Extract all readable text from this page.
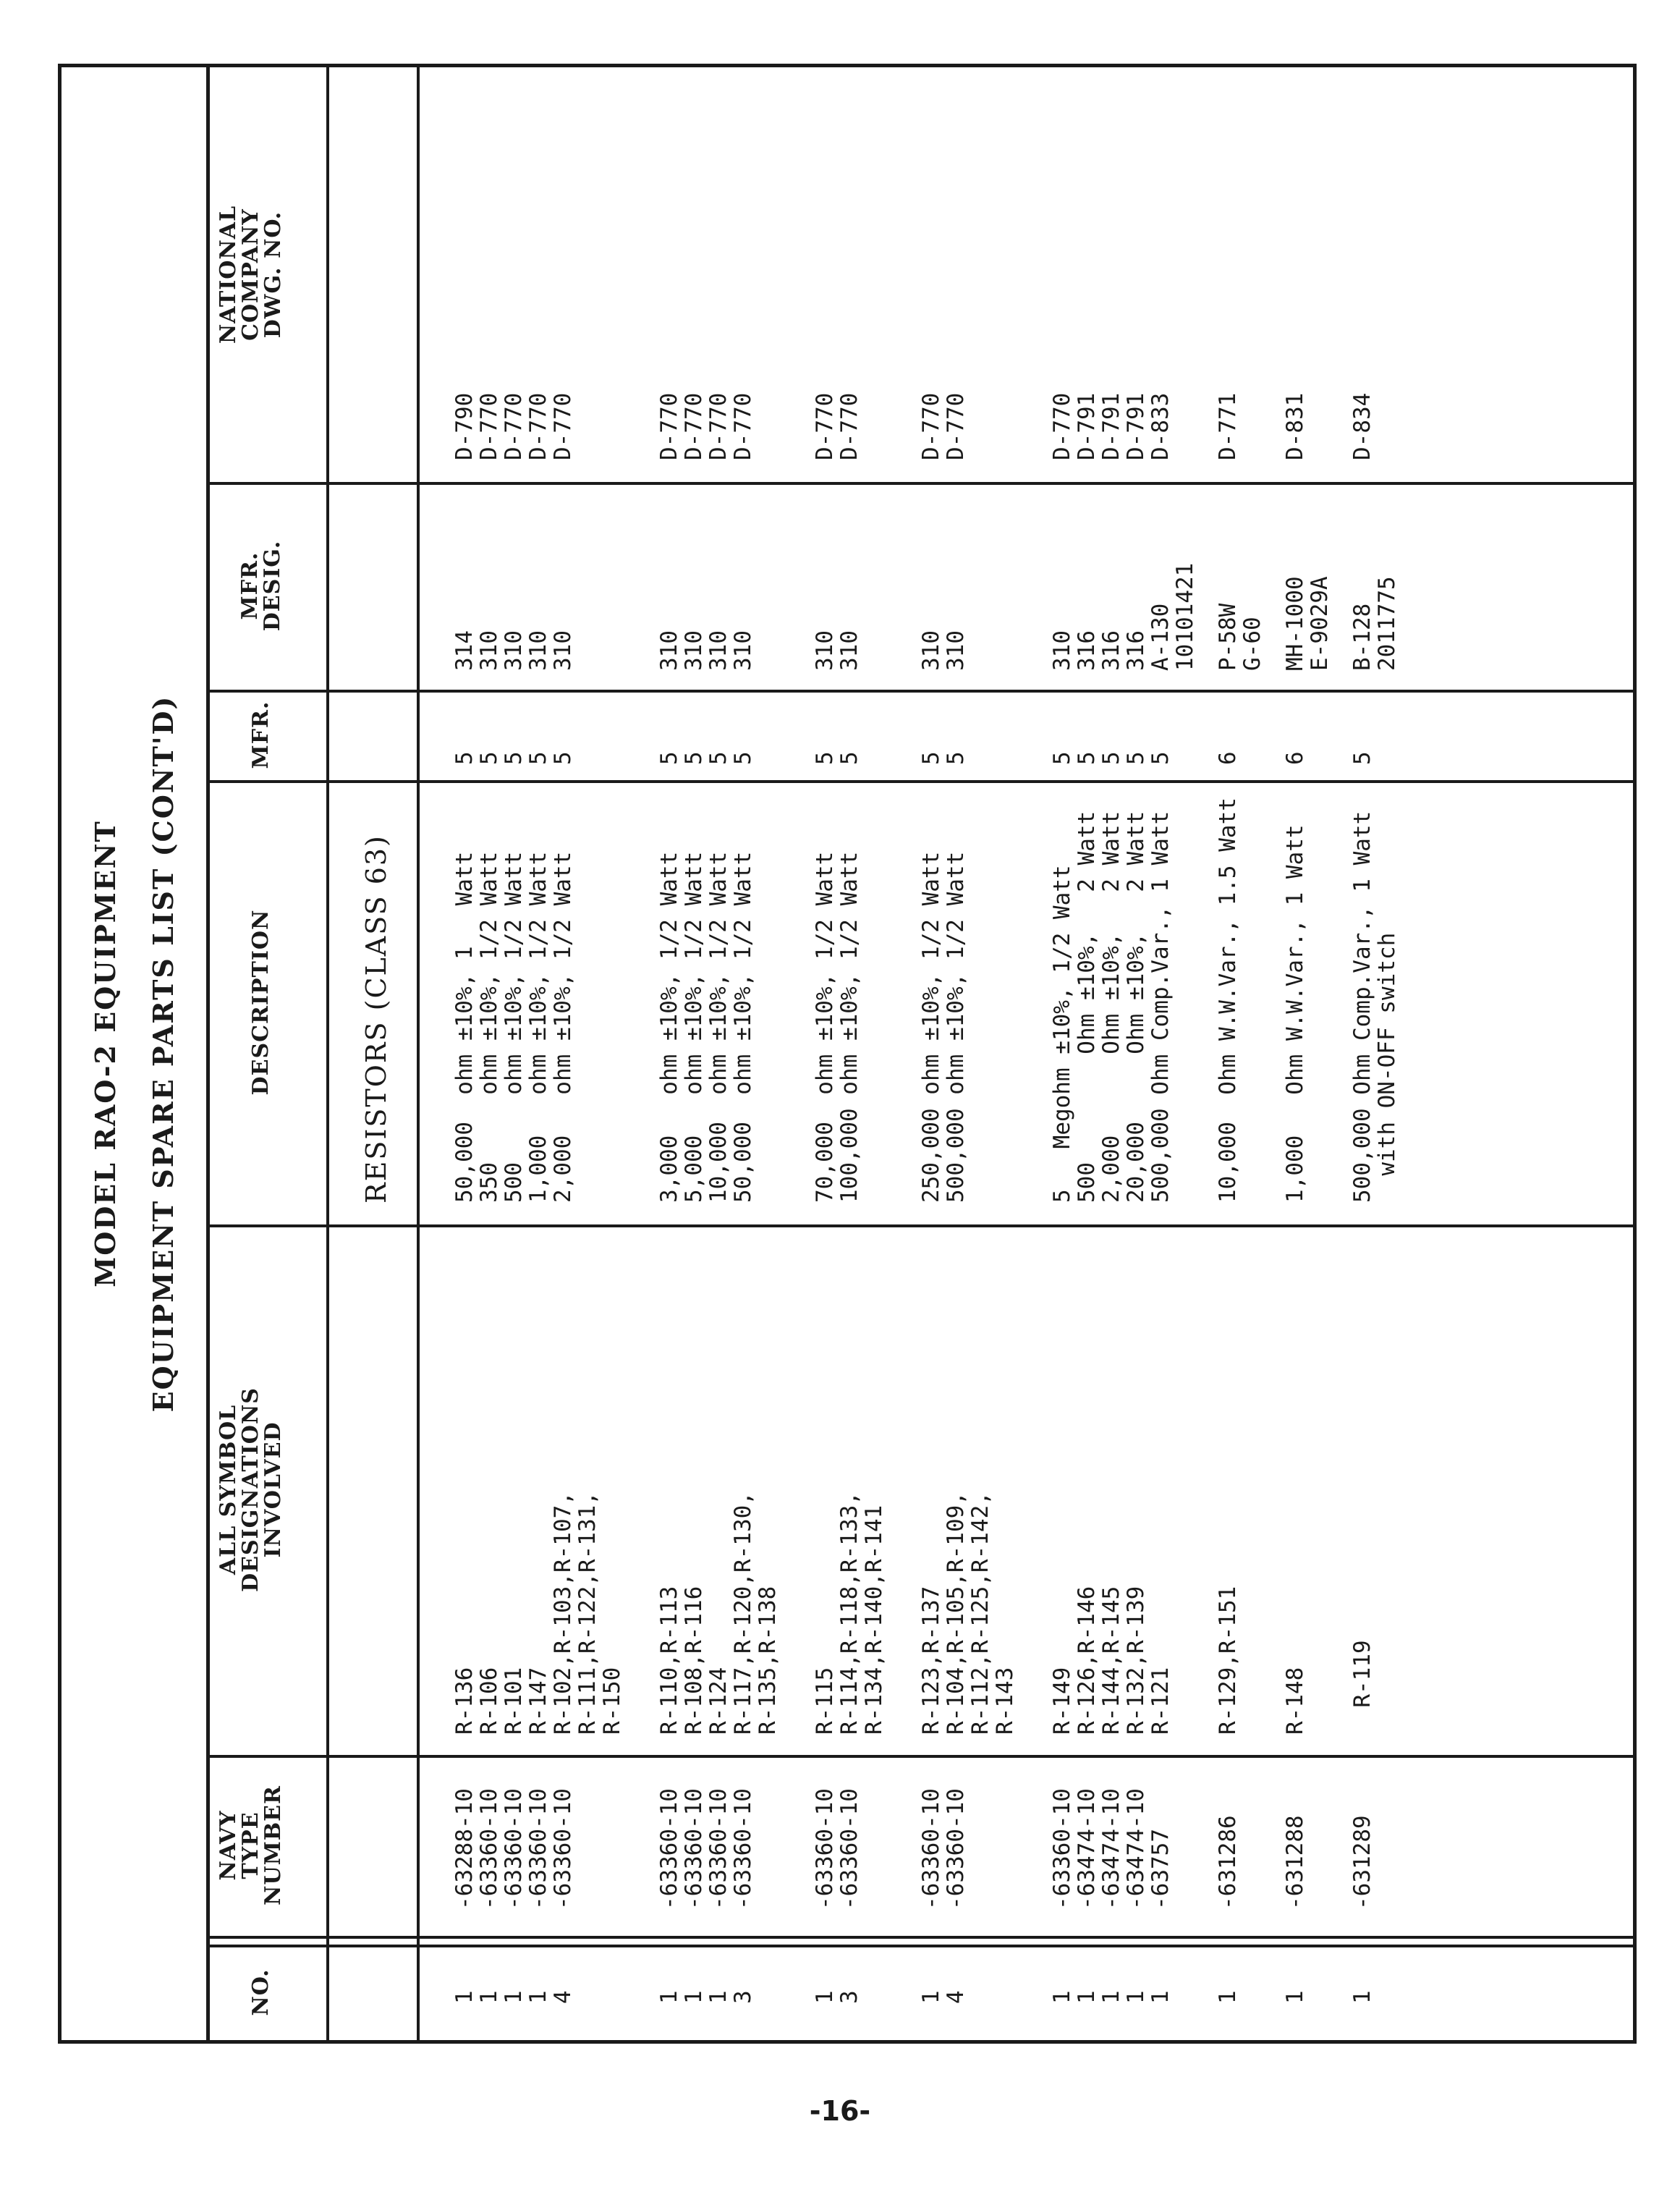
MODEL RAO-2 EQUIPMENT EQUIPMENT SPARE PARTS LIST (CONT'D)
NO.
NAVY
TYPE
NUMBER
ALL SYMBOL
DESIGNATIONS
INVOLVED
DESCRIPTION
MFR.
MFR.
DESIG.
NATIONAL
COMPANY
DWG. NO.
RESISTORS (CLASS 63)
1
-63288-10
R-136
50,000  ohm ±10%, 1   Watt
5
314
D-790
1
-63360-10
R-106
350     ohm ±10%, 1/2 Watt
5
310
D-770
1
-63360-10
R-101
500     ohm ±10%, 1/2 Watt
5
310
D-770
1
-63360-10
R-147
1,000   ohm ±10%, 1/2 Watt
5
310
D-770
4
-63360-10
R-102,R-103,R-107,
2,000   ohm ±10%, 1/2 Watt
5
310
D-770
R-111,R-122,R-131,
R-150
1
-63360-10
R-110,R-113
3,000   ohm ±10%, 1/2 Watt
5
310
D-770
1
-63360-10
R-108,R-116
5,000   ohm ±10%, 1/2 Watt
5
310
D-770
1
-63360-10
R-124
10,000  ohm ±10%, 1/2 Watt
5
310
D-770
3
-63360-10
R-117,R-120,R-130,
50,000  ohm ±10%, 1/2 Watt
5
310
D-770
R-135,R-138
1
-63360-10
R-115
70,000  ohm ±10%, 1/2 Watt
5
310
D-770
3
-63360-10
R-114,R-118,R-133,
100,000 ohm ±10%, 1/2 Watt
5
310
D-770
R-134,R-140,R-141
1
-63360-10
R-123,R-137
250,000 ohm ±10%, 1/2 Watt
5
310
D-770
4
-63360-10
R-104,R-105,R-109,
500,000 ohm ±10%, 1/2 Watt
5
310
D-770
R-112,R-125,R-142,
R-143
1
-63360-10
R-149
5   Megohm ±10%, 1/2 Watt
5
310
D-770
1
-63474-10
R-126,R-146
500        Ohm ±10%,   2 Watt
5
316
D-791
1
-63474-10
R-144,R-145
2,000      Ohm ±10%,   2 Watt
5
316
D-791
1
-63474-10
R-132,R-139
20,000     Ohm ±10%,   2 Watt
5
316
D-791
1
-63757
R-121
500,000 Ohm Comp.Var., 1 Watt
5
A-130
D-833
10101421
1
-631286
R-129,R-151
10,000  Ohm W.W.Var., 1.5 Watt
6
P-58W
D-771
G-60
1
-631288
R-148
1,000   Ohm W.W.Var., 1 Watt
6
MH-1000
D-831
E-9029A
1
-631289
R-119
500,000 Ohm Comp.Var., 1 Watt
5
B-128
D-834
with ON-OFF switch
2011775
-16-
